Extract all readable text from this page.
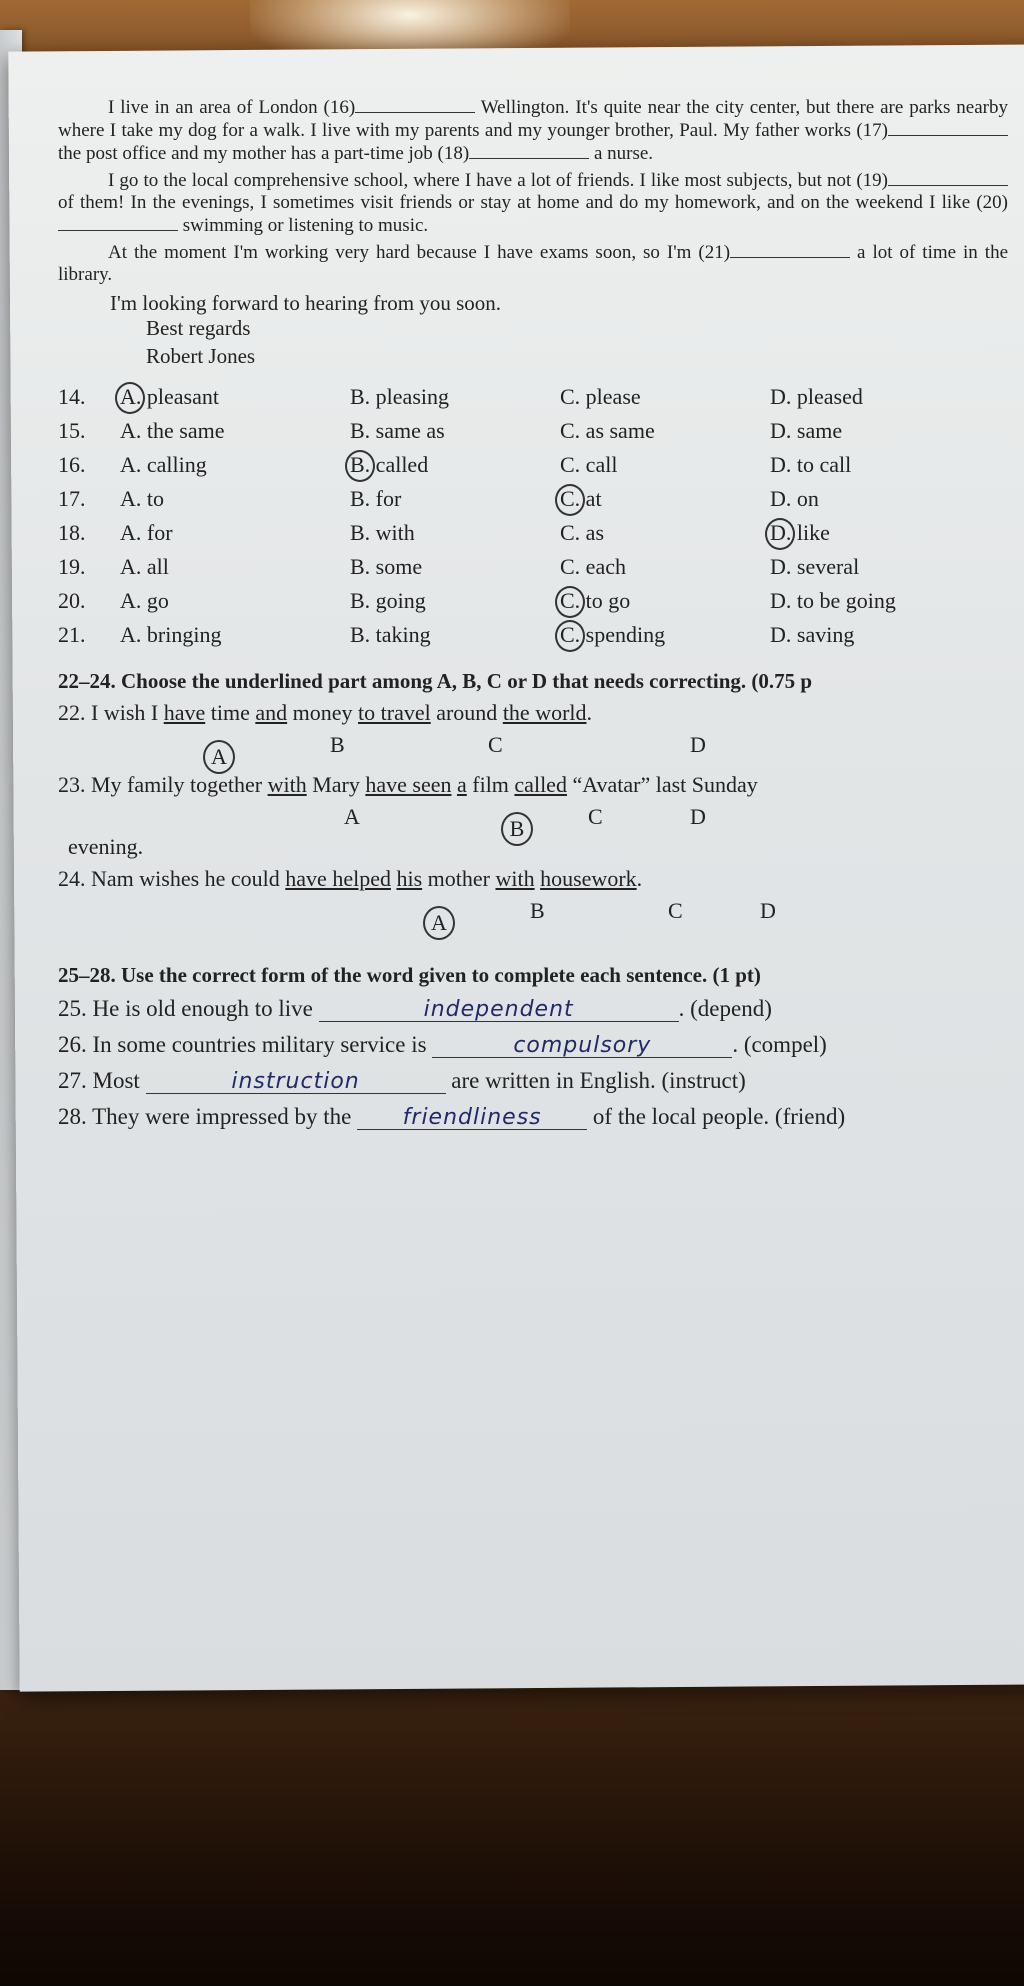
I live in an area of London (16)	Wellington. It's quite near the city center, but there are parks nearby where I take my dog for a walk. I live with my parents and my younger brother, Paul. My father works (17) the post office and my mother has a part-time job (18)	a nurse.

I go to the local comprehensive school, where I have a lot of friends. I like most subjects, but not (19) of them! In the evenings, I sometimes visit friends or stay at home and do my homework, and on the weekend I like (20) swimming or listening to music.

At the moment I'm working very hard because I have exams soon, so I'm (21)	a lot of time in the library.

I'm looking forward to hearing from you soon.
Best regards
Robert Jones
14.	A. pleasant	B. pleasing	C. please	D. pleased
15.	A. the same	B. same as	C. as same	D. same
16.	A. calling	B. called	C. call	D. to call
17.	A. to	B. for	C. at	D. on
18.	A. for	B. with	C. as	D. like
19.	A. all	B. some	C. each	D. several
20.	A. go	B. going	C. to go	D. to be going
21.	A. bringing	B. taking	C. spending	D. saving
22–24. Choose the underlined part among A, B, C or D that needs correcting. (0.75 p
22. I wish I have time and money to travel around the world.
A	B	C	D
23. My family together with Mary have seen a film called “Avatar” last Sunday
A	B	C	D
evening.
24. Nam wishes he could have helped his mother with housework.
A	B	C	D
25–28. Use the correct form of the word given to complete each sentence. (1 pt)
25. He is old enough to live	independent	. (depend)
26. In some countries military service is	compulsory	. (compel)
27. Most	instruction	are written in English. (instruct)
28. They were impressed by the friendliness of the local people. (friend)
